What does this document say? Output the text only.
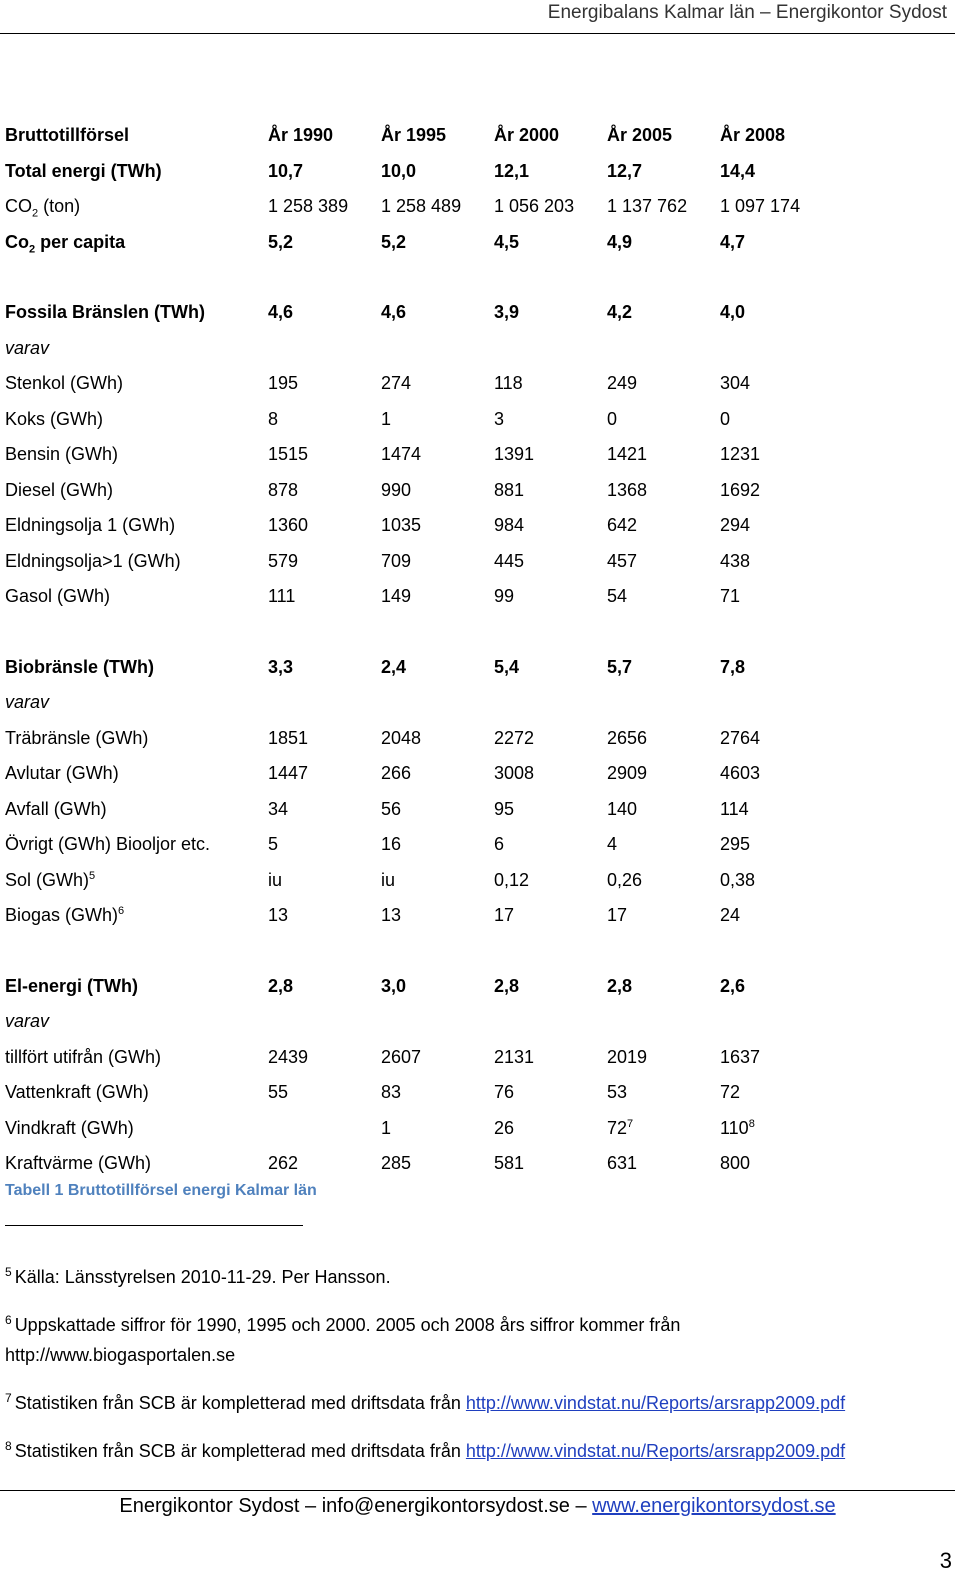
Energibalans Kalmar län – Energikontor Sydost
Bruttotillförsel	År 1990	År 1995	År 2000	År 2005	År 2008
Total energi (TWh)	10,7	10,0	12,1	12,7	14,4
$CO_2$ (ton)	1 258 389	1 258 489	1 056 203	1 137 762	1 097 174
$Co_2$ per capita	5,2	5,2	4,5	4,9	4,7

Fossila Bränslen (TWh)	4,6	4,6	3,9	4,2	4,0
varav					
Stenkol (GWh)	195	274	118	249	304
Koks (GWh)	8	1	3	0	0
Bensin (GWh)	1515	1474	1391	1421	1231
Diesel (GWh)	878	990	881	1368	1692
Eldningsolja 1 (GWh)	1360	1035	984	642	294
Eldningsolja>1 (GWh)	579	709	445	457	438
Gasol (GWh)	111	149	99	54	71

Biobränsle (TWh)	3,3	2,4	5,4	5,7	7,8
varav					
Träbränsle (GWh)	1851	2048	2272	2656	2764
Avlutar (GWh)	1447	266	3008	2909	4603
Avfall (GWh)	34	56	95	140	114
Övrigt (GWh) Biooljor etc.	5	16	6	4	295
Sol (GWh)$^5$	iu	iu	0,12	0,26	0,38
Biogas (GWh)$^6$	13	13	17	17	24

El-energi (TWh)	2,8	3,0	2,8	2,8	2,6
varav					
tillfört utifrån (GWh)	2439	2607	2131	2019	1637
Vattenkraft (GWh)	55	83	76	53	72
Vindkraft (GWh)		1	26	$72^7$	$110^8$
Kraftvärme (GWh)	262	285	581	631	800
Tabell 1 Bruttotillförsel energi Kalmar län
$^5$ Källa: Länsstyrelsen 2010-11-29. Per Hansson.
$^6$ Uppskattade siffror för 1990, 1995 och 2000. 2005 och 2008 års siffror kommer från
http://www.biogasportalen.se
$^7$ Statistiken från SCB är kompletterad med driftsdata från http://www.vindstat.nu/Reports/arsrapp2009.pdf
$^8$ Statistiken från SCB är kompletterad med driftsdata från http://www.vindstat.nu/Reports/arsrapp2009.pdf
Energikontor Sydost – info@energikontorsydost.se – www.energikontorsydost.se
3
